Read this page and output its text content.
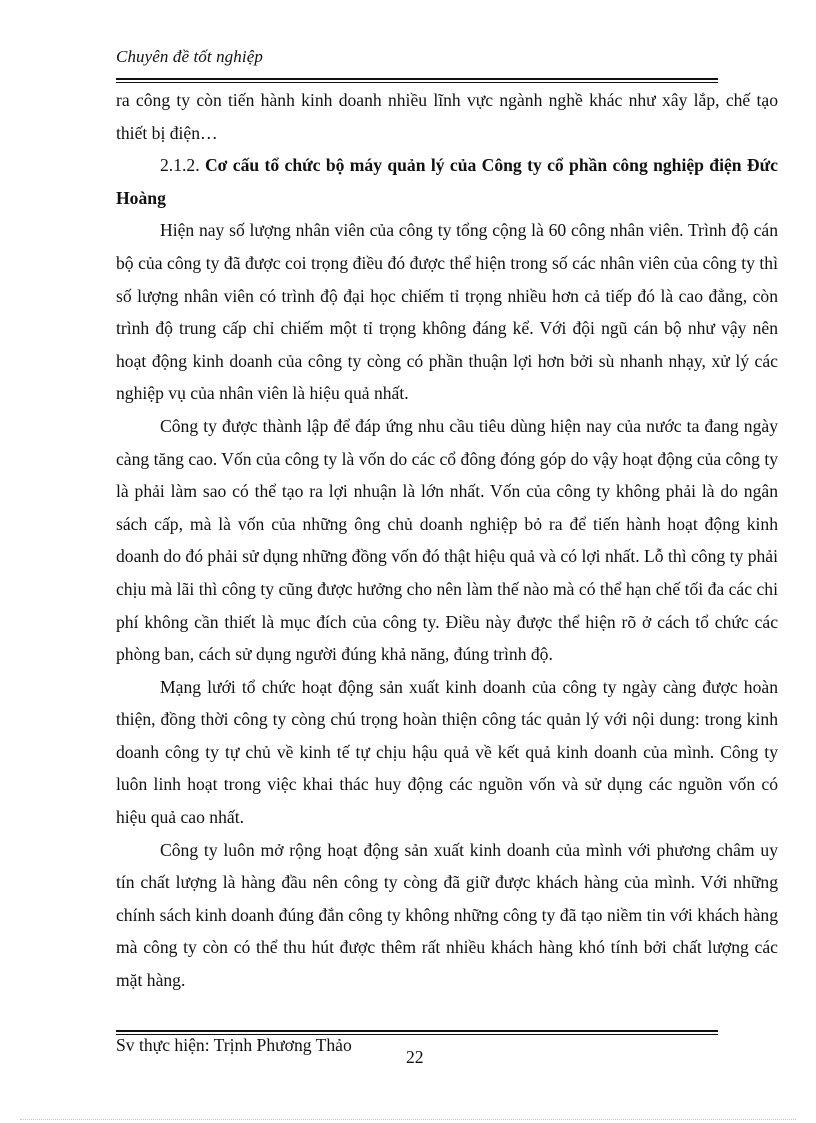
Chuyên đề tốt nghiệp

ra công ty còn tiến hành kinh doanh nhiều lĩnh vực ngành nghề khác như xây lắp, chế tạo thiết bị điện…

2.1.2. Cơ cấu tổ chức bộ máy quản lý của Công ty cổ phần công nghiệp điện Đức Hoàng

Hiện nay số lượng nhân viên của công ty tổng cộng là 60 công nhân viên. Trình độ cán bộ của công ty đã được coi trọng điều đó được thể hiện trong số các nhân viên của công ty thì số lượng nhân viên có trình độ đại học chiếm tỉ trọng nhiều hơn cả tiếp đó là cao đẳng, còn trình độ trung cấp chỉ chiếm một tỉ trọng không đáng kể. Với đội ngũ cán bộ như vậy nên hoạt động kinh doanh của công ty còng có phần thuận lợi hơn bởi sù nhanh nhạy, xử lý các nghiệp vụ của nhân viên là hiệu quả nhất.

Công ty được thành lập để đáp ứng nhu cầu tiêu dùng hiện nay của nước ta đang ngày càng tăng cao. Vốn của công ty là vốn do các cổ đông đóng góp do vậy hoạt động của công ty là phải làm sao có thể tạo ra lợi nhuận là lớn nhất. Vốn của công ty không phải là do ngân sách cấp, mà là vốn của những ông chủ doanh nghiệp bỏ ra để tiến hành hoạt động kinh doanh do đó phải sử dụng những đồng vốn đó thật hiệu quả và có lợi nhất. Lỗ thì công ty phải chịu mà lãi thì công ty cũng được hưởng cho nên làm thế nào mà có thể hạn chế tối đa các chi phí không cần thiết là mục đích của công ty. Điều này được thể hiện rõ ở cách tổ chức các phòng ban, cách sử dụng người đúng khả năng, đúng trình độ.

Mạng lưới tổ chức hoạt động sản xuất kinh doanh của công ty ngày càng được hoàn thiện, đồng thời công ty còng chú trọng hoàn thiện công tác quản lý với nội dung: trong kinh doanh công ty tự chủ về kinh tế tự chịu hậu quả về kết quả kinh doanh của mình. Công ty luôn linh hoạt trong việc khai thác huy động các nguồn vốn và sử dụng các nguồn vốn có hiệu quả cao nhất.

Công ty luôn mở rộng hoạt động sản xuất kinh doanh của mình với phương châm uy tín chất lượng là hàng đầu nên công ty còng đã giữ được khách hàng của mình. Với những chính sách kinh doanh đúng đắn công ty không những công ty đã tạo niềm tin với khách hàng mà công ty còn có thể thu hút được thêm rất nhiều khách hàng khó tính bởi chất lượng các mặt hàng.

Sv thực hiện: Trịnh Phương Thảo
22
